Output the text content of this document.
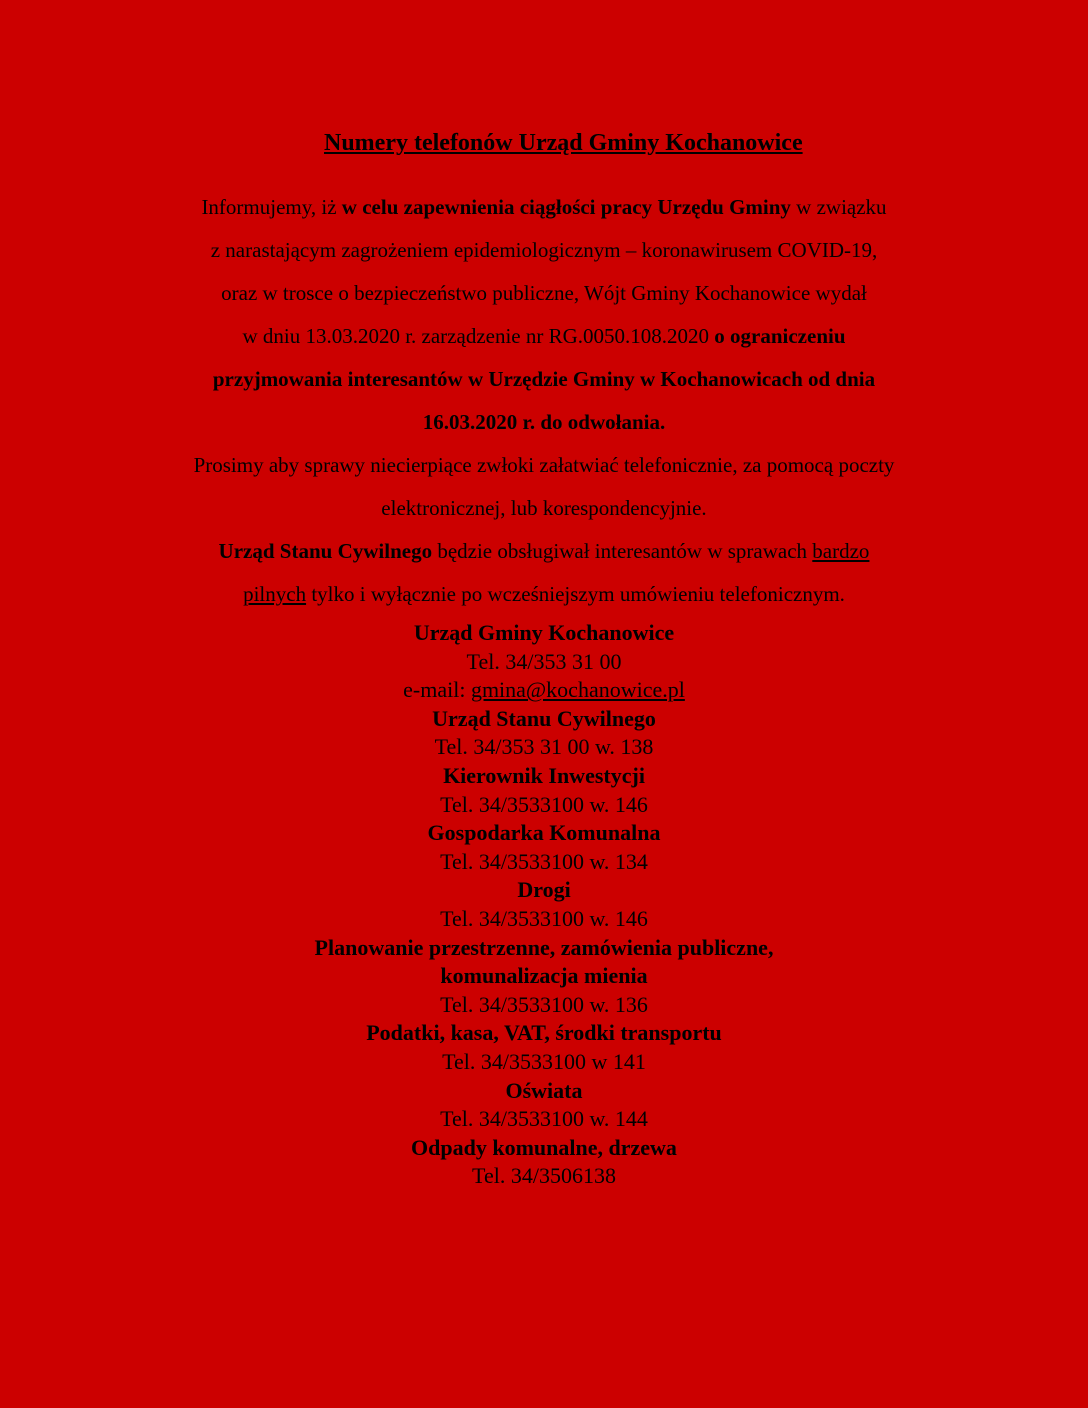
Numery telefonów Urząd Gminy Kochanowice
Informujemy, iż w celu zapewnienia ciągłości pracy Urzędu Gminy w związku
z narastającym zagrożeniem epidemiologicznym – koronawirusem COVID-19,
oraz w trosce o bezpieczeństwo publiczne, Wójt Gminy Kochanowice wydał
w dniu 13.03.2020 r. zarządzenie nr RG.0050.108.2020 o ograniczeniu
przyjmowania interesantów w Urzędzie Gminy w Kochanowicach od dnia
16.03.2020 r. do odwołania.
Prosimy aby sprawy niecierpiące zwłoki załatwiać telefonicznie, za pomocą poczty
elektronicznej, lub korespondencyjnie.
Urząd Stanu Cywilnego będzie obsługiwał interesantów w sprawach bardzo
pilnych tylko i wyłącznie po wcześniejszym umówieniu telefonicznym.
Urząd Gminy Kochanowice
Tel. 34/353 31 00
e-mail: gmina@kochanowice.pl
Urząd Stanu Cywilnego
Tel. 34/353 31 00 w. 138
Kierownik Inwestycji
Tel. 34/3533100 w. 146
Gospodarka Komunalna
Tel. 34/3533100 w. 134
Drogi
Tel. 34/3533100 w. 146
Planowanie przestrzenne, zamówienia publiczne,
komunalizacja mienia
Tel. 34/3533100 w. 136
Podatki, kasa, VAT, środki transportu
Tel. 34/3533100 w 141
Oświata
Tel. 34/3533100 w. 144
Odpady komunalne, drzewa
Tel. 34/3506138
